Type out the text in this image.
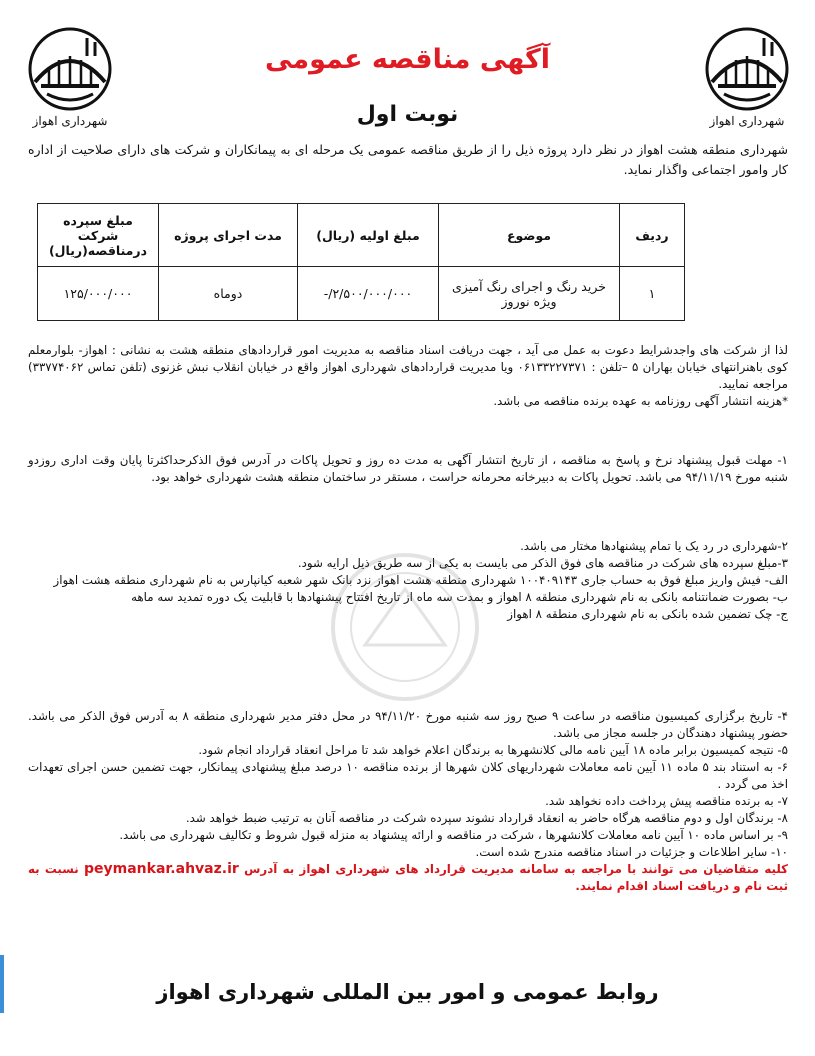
شهرداری اهواز
شهرداری اهواز
آگهی مناقصه عمومی
نوبت اول
شهرداری منطقه هشت اهواز در نظر دارد پروژه ذیل را از طریق مناقصه عمومی یک مرحله ای به پیمانکاران و شرکت های دارای صلاحیت از اداره کار وامور اجتماعی واگذار نماید.
ردیف	موضوع	مبلغ اولیه (ریال)	مدت اجرای پروژه	مبلغ سپرده شرکت درمناقصه(ریال)
۱	خرید رنگ و اجرای رنگ آمیزی ویژه نوروز	۲/۵۰۰/۰۰۰/۰۰۰/-	دوماه	۱۲۵/۰۰۰/۰۰۰

لذا از شرکت های واجدشرایط دعوت به عمل می آید ، جهت دریافت اسناد مناقصه به مدیریت امور قراردادهای منطقه هشت به نشانی : اهواز- بلوارمعلم کوی باهنرانتهای خیابان بهاران ۵ –تلفن : ۰۶۱۳۳۲۲۷۳۷۱ ویا مدیریت قراردادهای شهرداری اهواز واقع در خیابان انقلاب نبش غزنوی (تلفن تماس ۳۳۷۷۴۰۶۲) مراجعه نمایید.

*هزینه انتشار آگهی روزنامه به عهده برنده مناقصه می باشد.

۱- مهلت قبول پیشنهاد نرخ و پاسخ به مناقصه ، از تاریخ انتشار آگهی به مدت ده روز و تحویل پاکات در آدرس فوق الذکرحداکثرتا پایان وقت اداری روزدو شنبه مورخ ۹۴/۱۱/۱۹ می باشد. تحویل پاکات به دبیرخانه محرمانه حراست ، مستقر در ساختمان منطقه هشت شهرداری خواهد بود.

۲-شهرداری در رد یک یا تمام پیشنهادها مختار می باشد.

۳-مبلغ سپرده های شرکت در مناقصه های فوق الذکر می بایست به یکی از سه طریق ذیل ارایه شود.

الف- فیش واریز مبلغ فوق به حساب جاری ۱۰۰۴۰۹۱۴۳ شهرداری منطقه هشت اهواز نزد بانک شهر شعبه کیانپارس به نام شهرداری منطقه هشت اهواز

ب- بصورت ضمانتنامه بانکی به نام شهرداری منطقه ۸ اهواز و بمدت سه ماه از تاریخ افتتاح پیشنهادها با قابلیت یک دوره تمدید سه ماهه

ج- چک تضمین شده بانکی به نام شهرداری منطقه ۸ اهواز

۴- تاریخ برگزاری کمیسیون مناقصه در ساعت ۹ صبح روز سه شنبه مورخ ۹۴/۱۱/۲۰ در محل دفتر مدیر شهرداری منطقه ۸ به آدرس فوق الذکر می باشد. حضور پیشنهاد دهندگان در جلسه مجاز می باشد.

۵- نتیجه کمیسیون برابر ماده ۱۸ آیین نامه مالی کلانشهرها به برندگان اعلام خواهد شد تا مراحل انعقاد قرارداد انجام شود.

۶- به استناد بند ۵ ماده ۱۱ آیین نامه معاملات شهرداریهای کلان شهرها از برنده مناقصه ۱۰ درصد مبلغ پیشنهادی پیمانکار، جهت تضمین حسن اجرای تعهدات اخذ می گردد .

۷- به برنده مناقصه پیش پرداخت داده نخواهد شد.

۸- برندگان اول و دوم مناقصه هرگاه حاضر به انعقاد قرارداد نشوند سپرده شرکت در مناقصه آنان به ترتیب ضبط خواهد شد.

۹- بر اساس ماده ۱۰ آیین نامه معاملات کلانشهرها ، شرکت در مناقصه و ارائه پیشنهاد به منزله قبول شروط و تکالیف شهرداری می باشد.

۱۰- سایر اطلاعات و جزئیات در اسناد مناقصه مندرج شده است.

کلیه متقاضیان می توانند با مراجعه به سامانه مدیریت قرارداد های شهرداری اهواز به آدرس peymankar.ahvaz.ir نسبت به ثبت نام و دریافت اسناد اقدام نمایند.

روابط عمومی و امور بین المللی شهرداری اهواز
